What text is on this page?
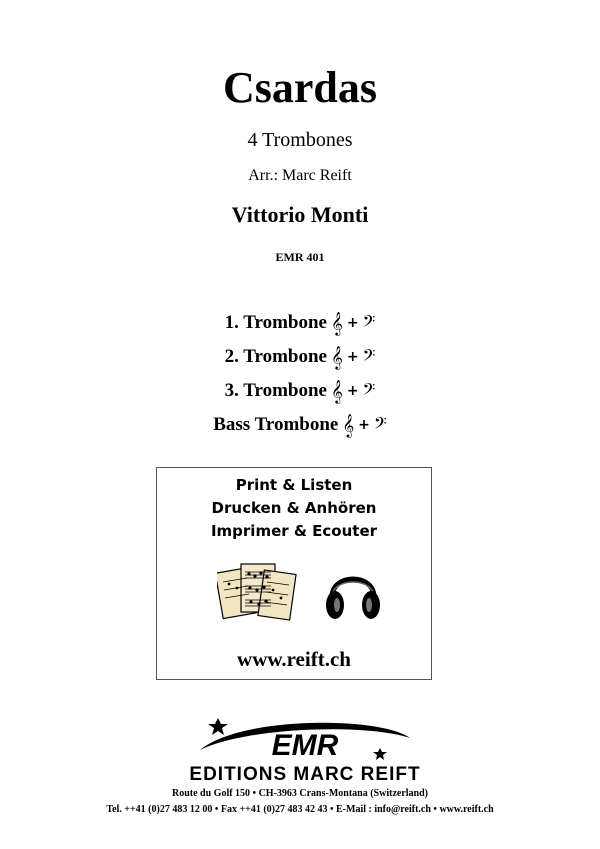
Csardas
4 Trombones
Arr.: Marc Reift
Vittorio Monti
EMR 401
1. Trombone 𝄞 + 𝄢
2. Trombone 𝄞 + 𝄢
3. Trombone 𝄞 + 𝄢
Bass Trombone 𝄞 + 𝄢
Print & Listen
Drucken & Anhören
Imprimer & Ecouter
www.reift.ch
EMR
EDITIONS MARC REIFT
Route du Golf 150 • CH-3963 Crans-Montana (Switzerland)
Tel. ++41 (0)27 483 12 00 • Fax ++41 (0)27 483 42 43 • E-Mail : info@reift.ch • www.reift.ch
